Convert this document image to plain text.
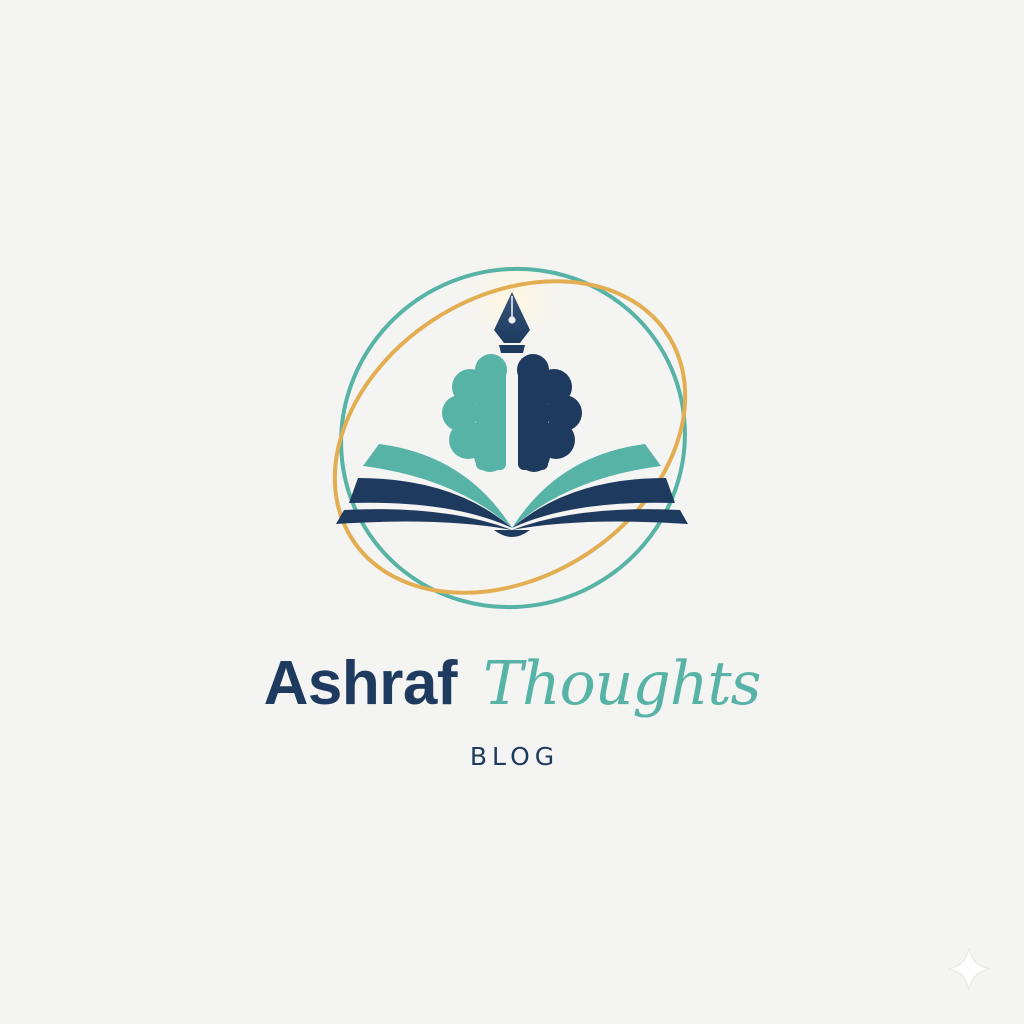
Ashraf Thoughts
BLOG
